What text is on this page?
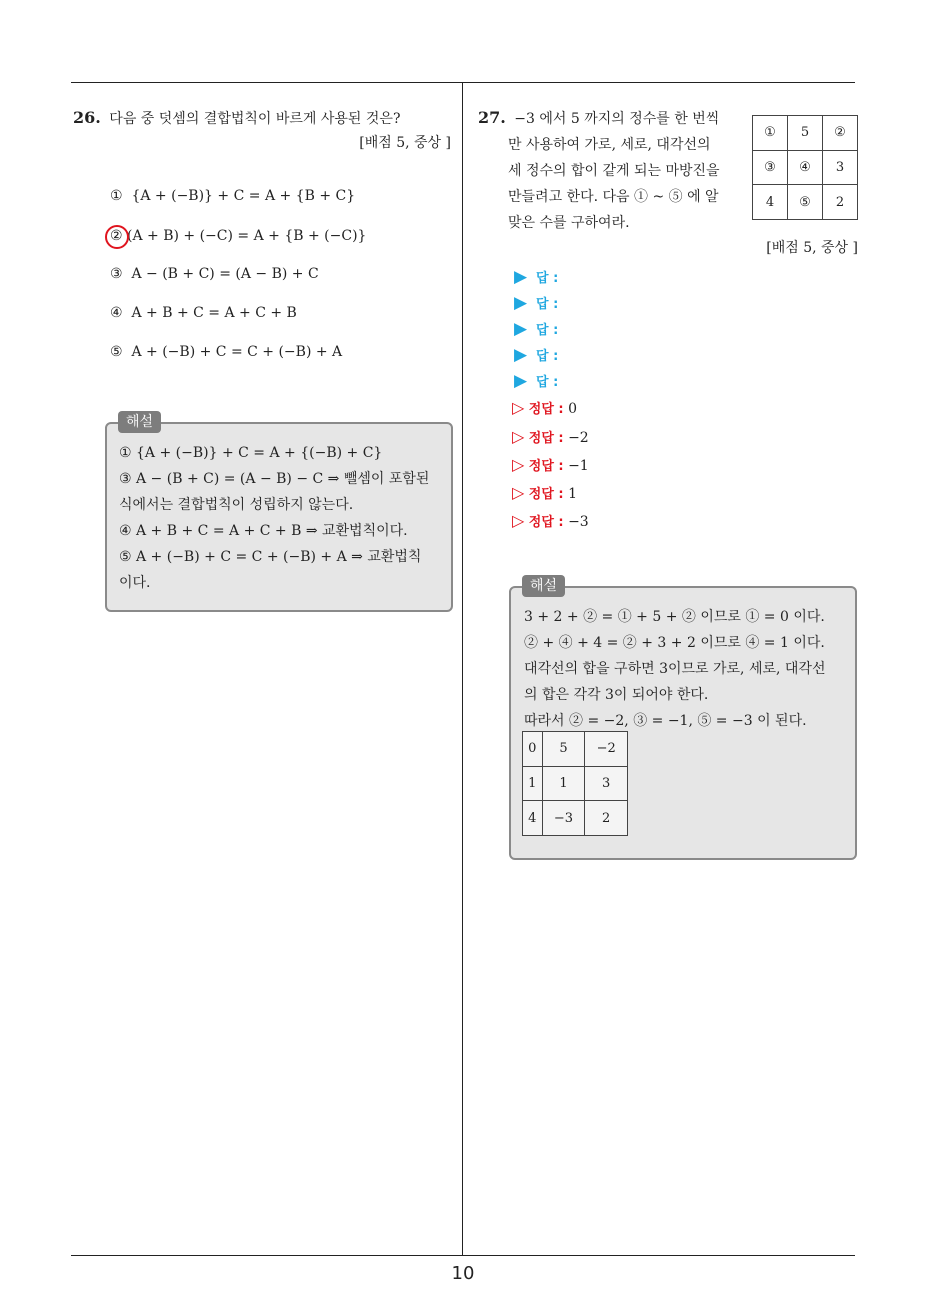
26. 다음 중 덧셈의 결합법칙이 바르게 사용된 것은?
[배점 5, 중상 ]
① {A + (−B)} + C = A + {B + C}
② (A + B) + (−C) = A + {B + (−C)}
③ A − (B + C) = (A − B) + C
④ A + B + C = A + C + B
⑤ A + (−B) + C = C + (−B) + A
① {A + (−B)} + C = A + {(−B) + C}
③ A − (B + C) = (A − B) − C ⇒ 뺄셈이 포함된
식에서는 결합법칙이 성립하지 않는다.
④ A + B + C = A + C + B ⇒ 교환법칙이다.
⑤ A + (−B) + C = C + (−B) + A ⇒ 교환법칙
이다.
해설
27. −3 에서 5 까지의 정수를 한 번씩
만 사용하여 가로, 세로, 대각선의
세 정수의 합이 같게 되는 마방진을
만들려고 한다. 다음 ① ~ ⑤ 에 알
맞은 수를 구하여라.
①	5	②
③	④	3
4	⑤	2
[배점 5, 중상 ]
▶ 답 :
▶ 답 :
▶ 답 :
▶ 답 :
▶ 답 :
▷ 정답 : 0
▷ 정답 : −2
▷ 정답 : −1
▷ 정답 : 1
▷ 정답 : −3
3 + 2 + ② = ① + 5 + ② 이므로 ① = 0 이다.
② + ④ + 4 = ② + 3 + 2 이므로 ④ = 1 이다.
대각선의 합을 구하면 3이므로 가로, 세로, 대각선
의 합은 각각 3이 되어야 한다.
따라서 ② = −2, ③ = −1, ⑤ = −3 이 된다.
해설
0	5	−2
1	1	3
4	−3	2
10
